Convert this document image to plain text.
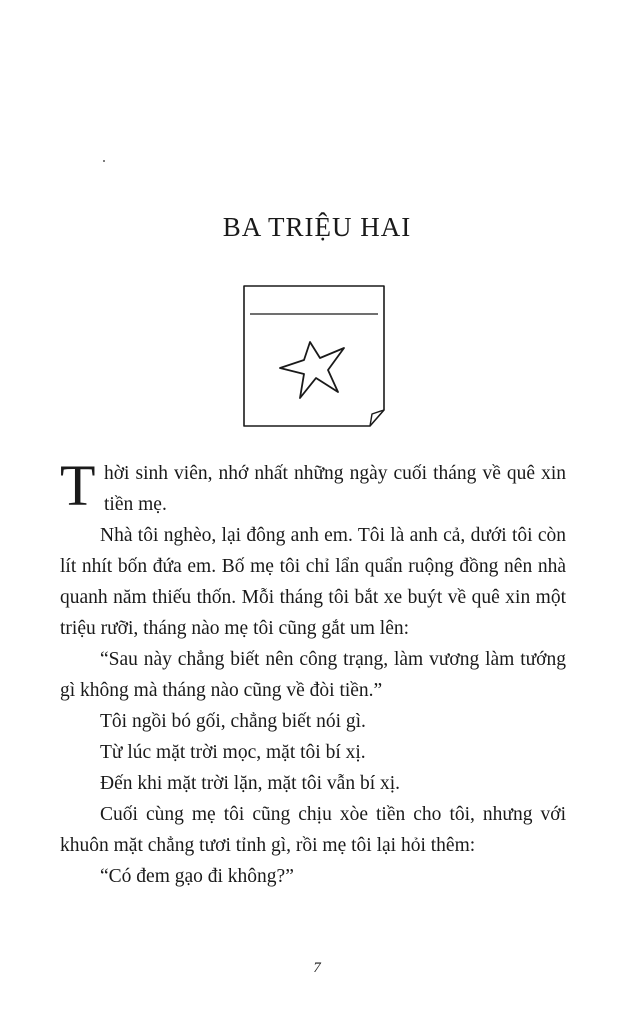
BA TRIỆU HAI

T hời sinh viên, nhớ nhất những ngày cuối tháng về quê xin tiền mẹ.

Nhà tôi nghèo, lại đông anh em. Tôi là anh cả, dưới tôi còn lít nhít bốn đứa em. Bố mẹ tôi chỉ lẩn quẩn ruộng đồng nên nhà quanh năm thiếu thốn. Mỗi tháng tôi bắt xe buýt về quê xin một triệu rưỡi, tháng nào mẹ tôi cũng gắt um lên:

“Sau này chẳng biết nên công trạng, làm vương làm tướng gì không mà tháng nào cũng về đòi tiền.”

Tôi ngồi bó gối, chẳng biết nói gì.

Từ lúc mặt trời mọc, mặt tôi bí xị.

Đến khi mặt trời lặn, mặt tôi vẫn bí xị.

Cuối cùng mẹ tôi cũng chịu xòe tiền cho tôi, nhưng với khuôn mặt chẳng tươi tỉnh gì, rồi mẹ tôi lại hỏi thêm:

“Có đem gạo đi không?”

7
